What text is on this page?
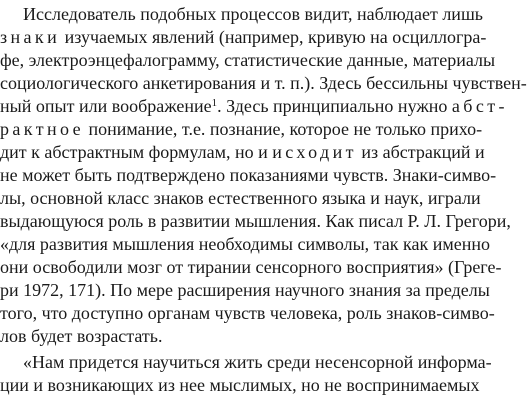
Исследователь подобных процессов видит, наблюдает лишь
знаки изучаемых явлений (например, кривую на осциллогра-
фе, электроэнцефалограмму, статистические данные, материалы
социологического анкетирования и т. п.). Здесь бессильны чувствен-
ный опыт или воображение$^1$. Здесь принципиально нужно абст-
рактное понимание, т.е. познание, которое не только прихо-
дит к абстрактным формулам, но и исходит из абстракций и
не может быть подтверждено показаниями чувств. Знаки-симво-
лы, основной класс знаков естественного языка и наук, играли
выдающуюся роль в развитии мышления. Как писал Р. Л. Грегори,
«для развития мышления необходимы символы, так как именно
они освободили мозг от тирании сенсорного восприятия» (Греге-
ри 1972, 171). По мере расширения научного знания за пределы
того, что доступно органам чувств человека, роль знаков-симво-
лов будет возрастать.
«Нам придется научиться жить среди несенсорной информа-
ции и возникающих из нее мыслимых, но не воспринимаемых
